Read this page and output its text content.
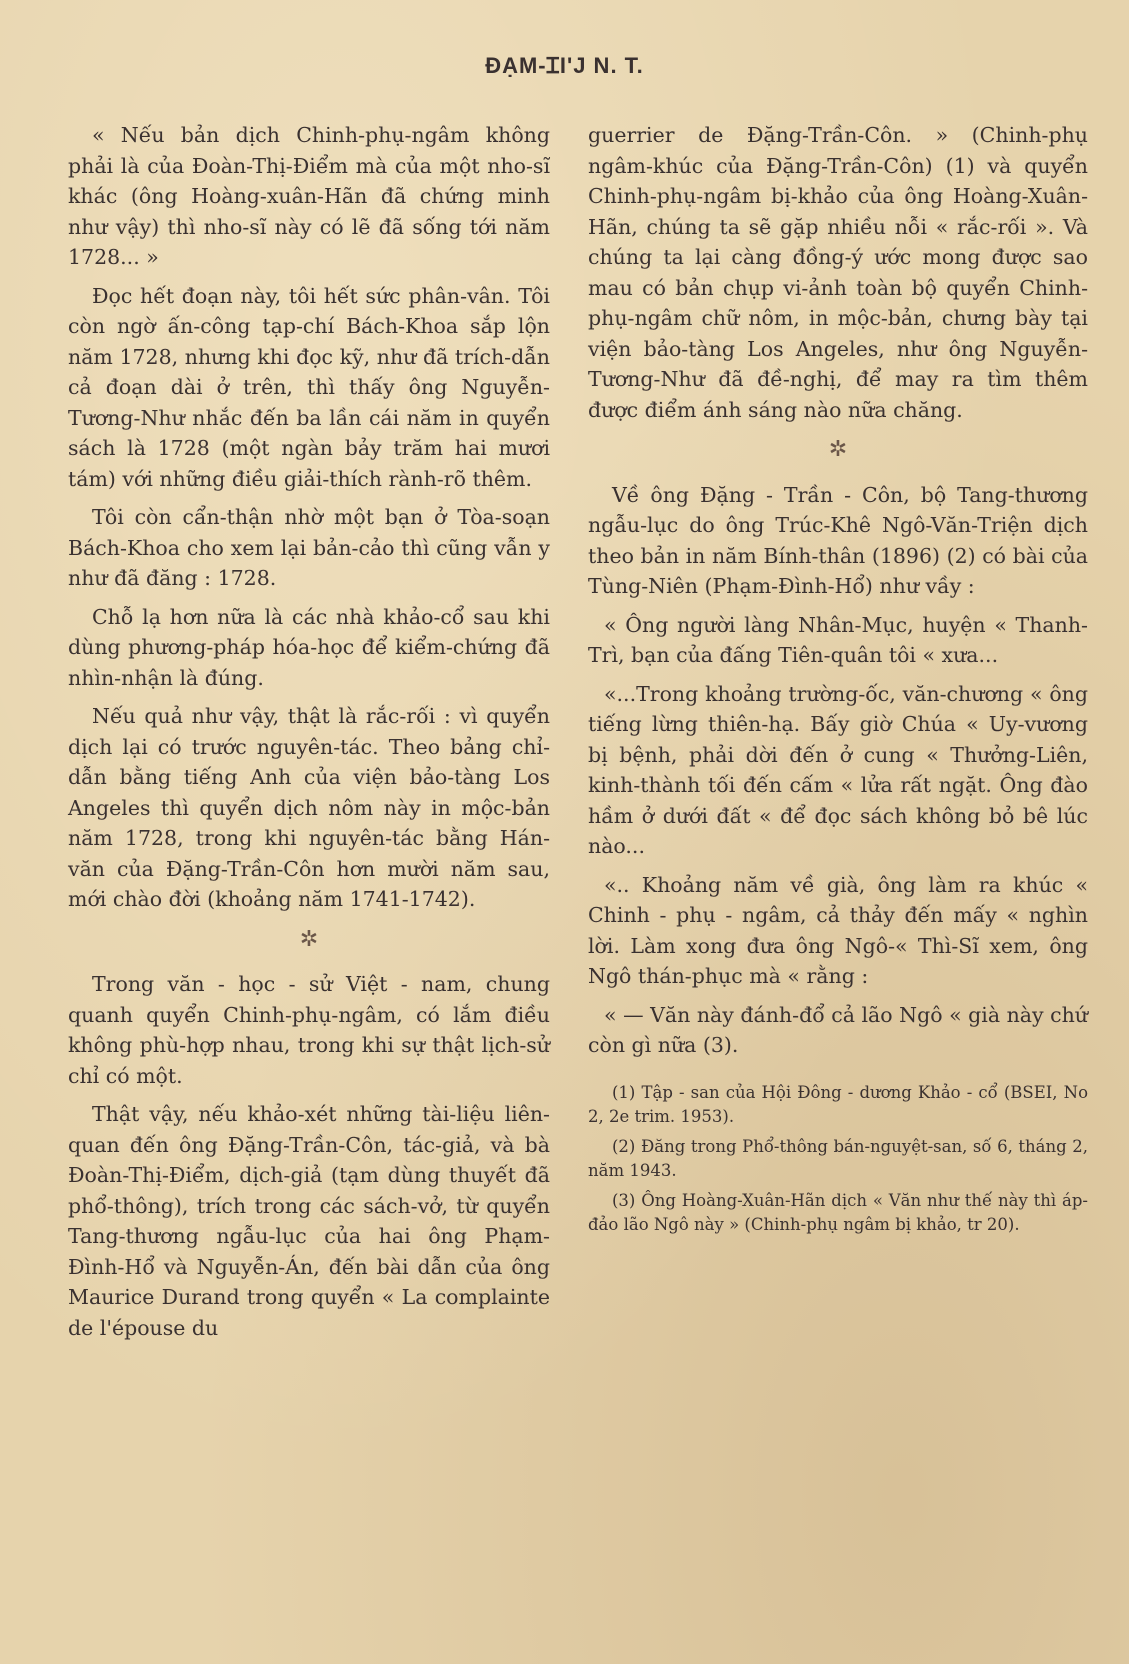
ĐẠM-ꞮI'J N. T.

« Nếu bản dịch Chinh-phụ-ngâm không phải là của Đoàn-Thị-Điểm mà của một nho-sĩ khác (ông Hoàng-xuân-Hãn đã chứng minh như vậy) thì nho-sĩ này có lẽ đã sống tới năm 1728... »

Đọc hết đoạn này, tôi hết sức phân-vân. Tôi còn ngờ ấn-công tạp-chí Bách-Khoa sắp lộn năm 1728, nhưng khi đọc kỹ, như đã trích-dẫn cả đoạn dài ở trên, thì thấy ông Nguyễn-Tương-Như nhắc đến ba lần cái năm in quyển sách là 1728 (một ngàn bảy trăm hai mươi tám) với những điều giải-thích rành-rõ thêm.

Tôi còn cẩn-thận nhờ một bạn ở Tòa-soạn Bách-Khoa cho xem lại bản-cảo thì cũng vẫn y như đã đăng : 1728.

Chỗ lạ hơn nữa là các nhà khảo-cổ sau khi dùng phương-pháp hóa-học để kiểm-chứng đã nhìn-nhận là đúng.

Nếu quả như vậy, thật là rắc-rối : vì quyển dịch lại có trước nguyên-tác. Theo bảng chỉ-dẫn bằng tiếng Anh của viện bảo-tàng Los Angeles thì quyển dịch nôm này in mộc-bản năm 1728, trong khi nguyên-tác bằng Hán-văn của Đặng-Trần-Côn hơn mười năm sau, mới chào đời (khoảng năm 1741-1742).

✲

Trong văn - học - sử Việt - nam, chung quanh quyển Chinh-phụ-ngâm, có lắm điều không phù-hợp nhau, trong khi sự thật lịch-sử chỉ có một.

Thật vậy, nếu khảo-xét những tài-liệu liên-quan đến ông Đặng-Trần-Côn, tác-giả, và bà Đoàn-Thị-Điểm, dịch-giả (tạm dùng thuyết đã phổ-thông), trích trong các sách-vở, từ quyển Tang-thương ngẫu-lục của hai ông Phạm-Đình-Hổ và Nguyễn-Án, đến bài dẫn của ông Maurice Durand trong quyển « La complainte de l'épouse du

guerrier de Đặng-Trần-Côn. » (Chinh-phụ ngâm-khúc của Đặng-Trần-Côn) (1) và quyển Chinh-phụ-ngâm bị-khảo của ông Hoàng-Xuân-Hãn, chúng ta sẽ gặp nhiều nỗi « rắc-rối ». Và chúng ta lại càng đồng-ý ước mong được sao mau có bản chụp vi-ảnh toàn bộ quyển Chinh-phụ-ngâm chữ nôm, in mộc-bản, chưng bày tại viện bảo-tàng Los Angeles, như ông Nguyễn-Tương-Như đã đề-nghị, để may ra tìm thêm được điểm ánh sáng nào nữa chăng.

✲

Về ông Đặng - Trần - Côn, bộ Tang-thương ngẫu-lục do ông Trúc-Khê Ngô-Văn-Triện dịch theo bản in năm Bính-thân (1896) (2) có bài của Tùng-Niên (Phạm-Đình-Hổ) như vầy :

« Ông người làng Nhân-Mục, huyện « Thanh-Trì, bạn của đấng Tiên-quân tôi « xưa...

«...Trong khoảng trường-ốc, văn-chương « ông tiếng lừng thiên-hạ. Bấy giờ Chúa « Uy-vương bị bệnh, phải dời đến ở cung « Thưởng-Liên, kinh-thành tối đến cấm « lửa rất ngặt. Ông đào hầm ở dưới đất « để đọc sách không bỏ bê lúc nào...

«.. Khoảng năm về già, ông làm ra khúc « Chinh - phụ - ngâm, cả thảy đến mấy « nghìn lời. Làm xong đưa ông Ngô-« Thì-Sĩ xem, ông Ngô thán-phục mà « rằng :

« — Văn này đánh-đổ cả lão Ngô « già này chứ còn gì nữa (3).

(1) Tập - san của Hội Đông - dương Khảo - cổ (BSEI, No 2, 2e trim. 1953).

(2) Đăng trong Phổ-thông bán-nguyệt-san, số 6, tháng 2, năm 1943.

(3) Ông Hoàng-Xuân-Hãn dịch « Văn như thế này thì áp-đảo lão Ngô này » (Chinh-phụ ngâm bị khảo, tr 20).
